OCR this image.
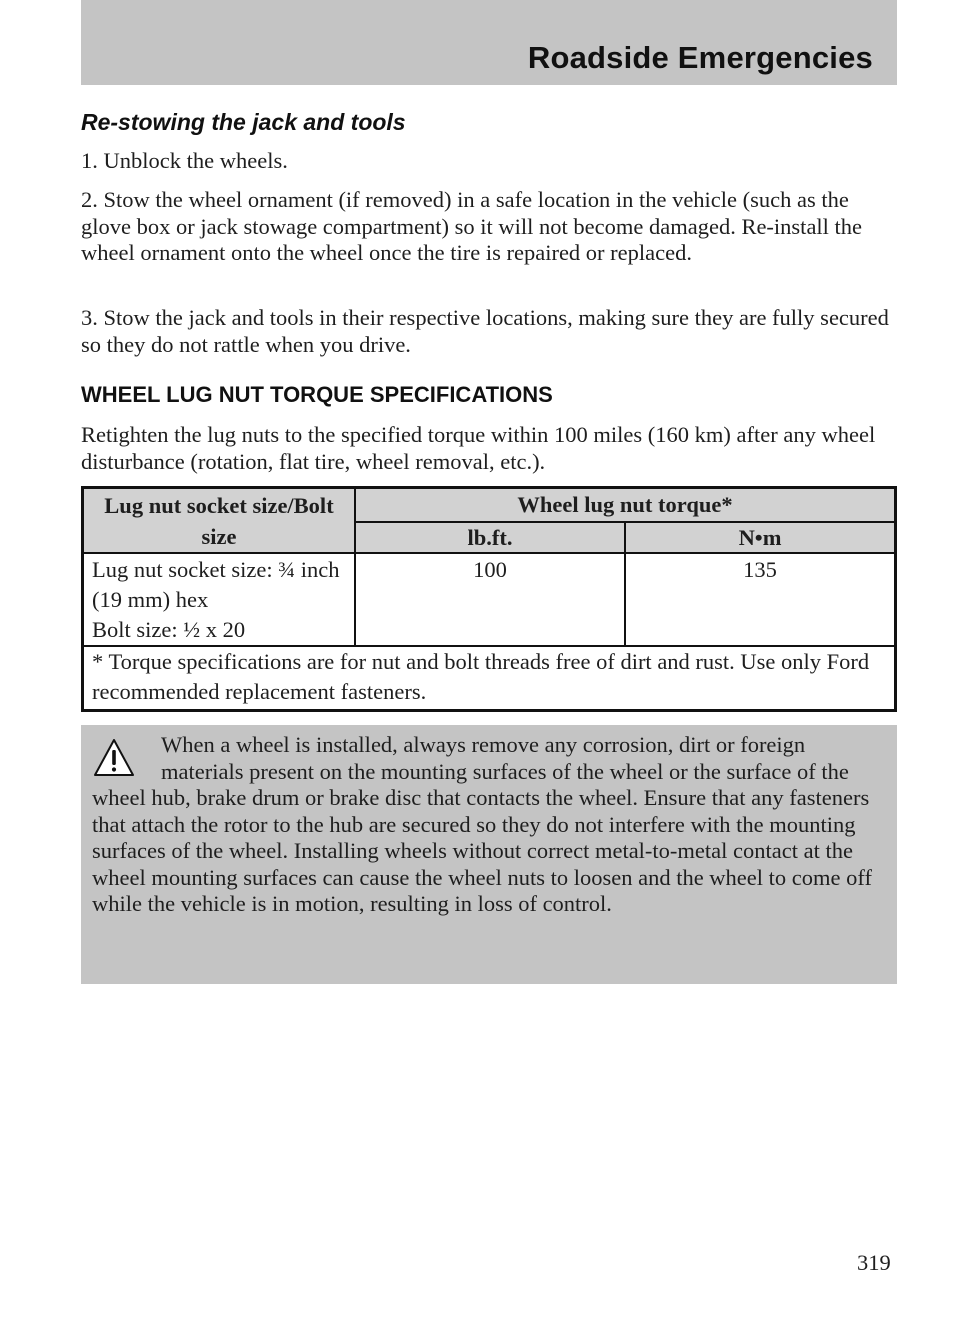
Roadside Emergencies
Re-stowing the jack and tools

1. Unblock the wheels.

2. Stow the wheel ornament (if removed) in a safe location in the vehicle (such as the glove box or jack stowage compartment) so it will not become damaged. Re-install the wheel ornament onto the wheel once the tire is repaired or replaced.

3. Stow the jack and tools in their respective locations, making sure they are fully secured so they do not rattle when you drive.

WHEEL LUG NUT TORQUE SPECIFICATIONS

Retighten the lug nuts to the specified torque within 100 miles (160 km) after any wheel disturbance (rotation, flat tire, wheel removal, etc.).

Lug nut socket size/Bolt size	Wheel lug nut torque*	
	lb.ft.	N•m

Lug nut socket size: ¾ inch (19 mm) hex
Bolt size: ½ x 20	100	135
* Torque specifications are for nut and bolt threads free of dirt and rust. Use only Ford recommended replacement fasteners.		

When a wheel is installed, always remove any corrosion, dirt or foreign materials present on the mounting surfaces of the wheel or the surface of the wheel hub, brake drum or brake disc that contacts the wheel. Ensure that any fasteners that attach the rotor to the hub are secured so they do not interfere with the mounting surfaces of the wheel. Installing wheels without correct metal-to-metal contact at the wheel mounting surfaces can cause the wheel nuts to loosen and the wheel to come off while the vehicle is in motion, resulting in loss of control.

319
